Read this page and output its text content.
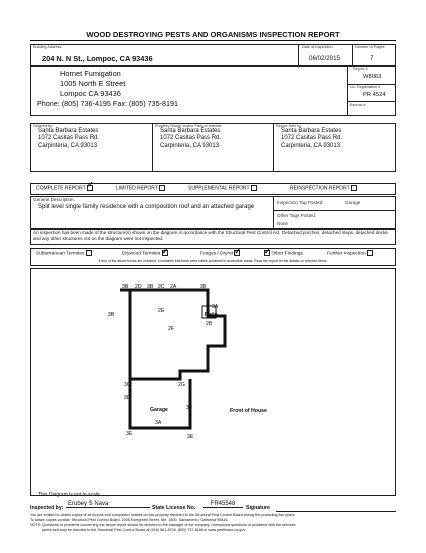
WOOD DESTROYING PESTS AND ORGANISMS INSPECTION REPORT
Building Address:
204 N. N St., Lompoc, CA 93436
Date of Inspection
06/02/2015
Number of Pages
7
Hornet Fumigation
1005 North E Street
Lompoc CA 93436
Phone: (805) 736-4195 Fax: (805) 735-8191
Report #
W8063
Lic. Registration #
PR 4524
Escrow #
Ordered by:
Santa Barbara Estates
1072 Casitas Pass Rd.
Carpinteria, CA 93013
Property Owner and/or Party of Interest:
Santa Barbara Estates
1072 Casitas Pass Rd.
Carpinteria, CA 93013
Report Sent to:
Santa Barbara Estates
1072 Casitas Pass Rd.
Carpinteria, CA 93013
COMPLETE REPORT ✓	LIMITED REPORT	SUPPLEMENTAL REPORT	REINSPECTION REPORT
General Description:
Split level single family residence with a composition roof and an attached garage
Inspection Tag Posted:	Garage
Other Tags Posted:
None
An inspection has been made of the structure(s) shown on the diagram in accordance with the Structural Pest Control Act. Detached porches, detached steps, detached decks and any other structures not on the diagram were not inspected.
Subterranean Termites	Drywood Termites ✓	Fungus / Dryrot ✓ ✓	Other Findings	Further Inspection
If any of the above boxes are checked, it indicates that there were visible problems in accessible areas. Read the report for the details on checked items.
3B 2D 3B 2C 2A	3B
3B
2E
3A
Patio
2B
2F
3C	2G
3D
Garage	3F	Front of House
3A
3E	3E
This Diagram is not to scale
Inspected by:
Erubey S Nava
State License No.
FR45548
Signature
You are entitled to obtain copies of all reports and completion notices on this property reported to the Structural Pest Control Board during the preceding two years.
To obtain copies contact: Structural Pest Control Board, 2005 Evergreen Street, Ste. 1500, Sacramento, California 95815.
NOTE: Questions or problems concerning the above report should be directed to the manager of the company. Unresolved questions or problems with the services
performed may be directed to the Structural Pest Control Board at (916) 561-8708, (800) 737-8188 or www.pestboard.ca.gov
